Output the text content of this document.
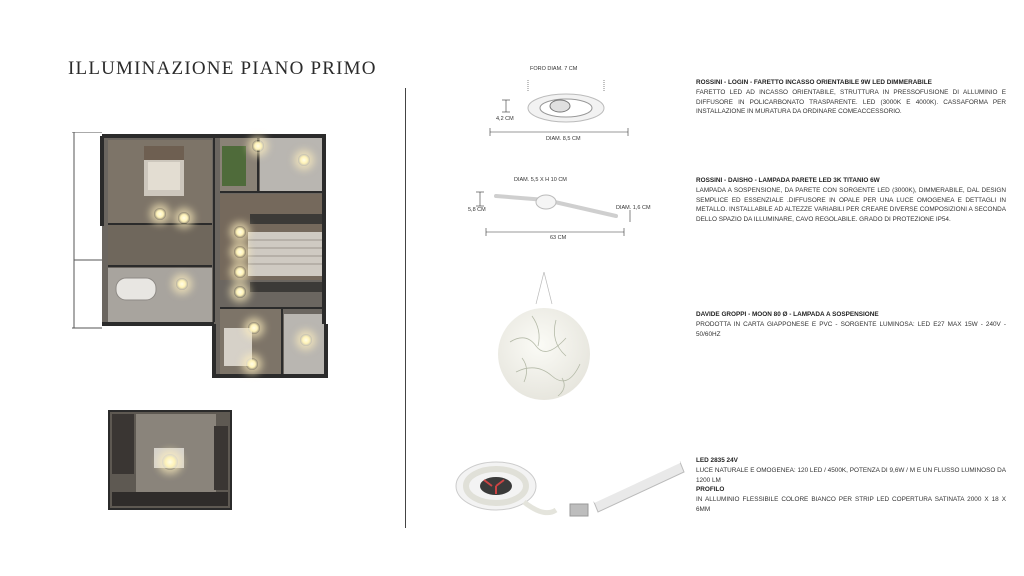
ILLUMINAZIONE PIANO PRIMO	FORO DIAM. 7 CM
4,2 CM
DIAM. 8,5 CM
DIAM. 5,5 X H 10 CM
5,8 CM	DIAM. 1,6 CM
63 CM
ROSSINI - LOGIN - FARETTO INCASSO ORIENTABILE 9W LED DIMMERABILE

FARETTO LED AD INCASSO ORIENTABILE, STRUTTURA IN PRESSOFUSIONE DI ALLUMINIO E DIFFUSORE IN POLICARBONATO TRASPARENTE. LED (3000K E 4000K). CASSAFORMA PER INSTALLAZIONE IN MURATURA DA ORDINARE COMEACCESSORIO.

ROSSINI - DAISHO - LAMPADA PARETE LED 3K TITANIO 6W

LAMPADA A SOSPENSIONE, DA PARETE CON SORGENTE LED (3000K), DIMMERABILE, DAL DESIGN SEMPLICE ED ESSENZIALE .DIFFUSORE IN OPALE PER UNA LUCE OMOGENEA E DETTAGLI IN METALLO. INSTALLABILE AD ALTEZZE VARIABILI PER CREARE DIVERSE COMPOSIZIONI A SECONDA DELLO SPAZIO DA ILLUMINARE, CAVO REGOLABILE. GRADO DI PROTEZIONE IP54.

DAVIDE GROPPI - MOON 80 Ø - LAMPADA A SOSPENSIONE

PRODOTTA IN CARTA GIAPPONESE E PVC - SORGENTE LUMINOSA: LED E27 MAX 15W - 240V - 50/60HZ

LED 2835 24V

LUCE NATURALE E OMOGENEA: 120 LED / 4500K, POTENZA DI 9,6W / M E UN FLUSSO LUMINOSO DA 1200 LM

PROFILO

IN ALLUMINIO FLESSIBILE COLORE BIANCO PER STRIP LED COPERTURA SATINATA 2000 X 18 X 6MM
